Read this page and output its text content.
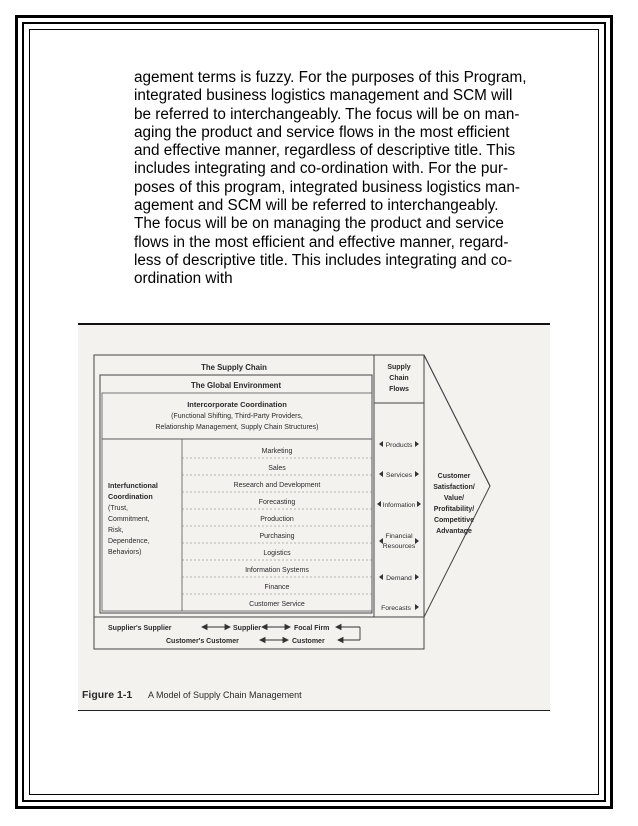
agement terms is fuzzy. For the purposes of this Program,
integrated business logistics management and SCM will
be referred to interchangeably. The focus will be on man-
aging the product and service flows in the most efficient
and effective manner, regardless of descriptive title. This
includes integrating and co-ordination with. For the pur-
poses of this program, integrated business logistics man-
agement and SCM will be referred to interchangeably.
The focus will be on managing the product and service
flows in the most efficient and effective manner, regard-
less of descriptive title. This includes integrating and co-
ordination with
The Supply Chain
The Global Environment
Intercorporate Coordination
(Functional Shifting, Third-Party Providers,
Relationship Management, Supply Chain Structures)
Interfunctional
Coordination
(Trust,
Commitment,
Risk,
Dependence,
Behaviors)
Marketing
Sales
Research and Development
Forecasting
Production
Purchasing
Logistics
Information Systems
Finance
Customer Service
Supply
Chain
Flows
Products
Services
Information
Financial
Resources
Demand
Forecasts
Customer
Satisfaction/
Value/
Profitability/
Competitive
Advantage
Supplier's Supplier	Supplier	Focal Firm
Customer's Customer	Customer
Figure 1-1 A Model of Supply Chain Management
